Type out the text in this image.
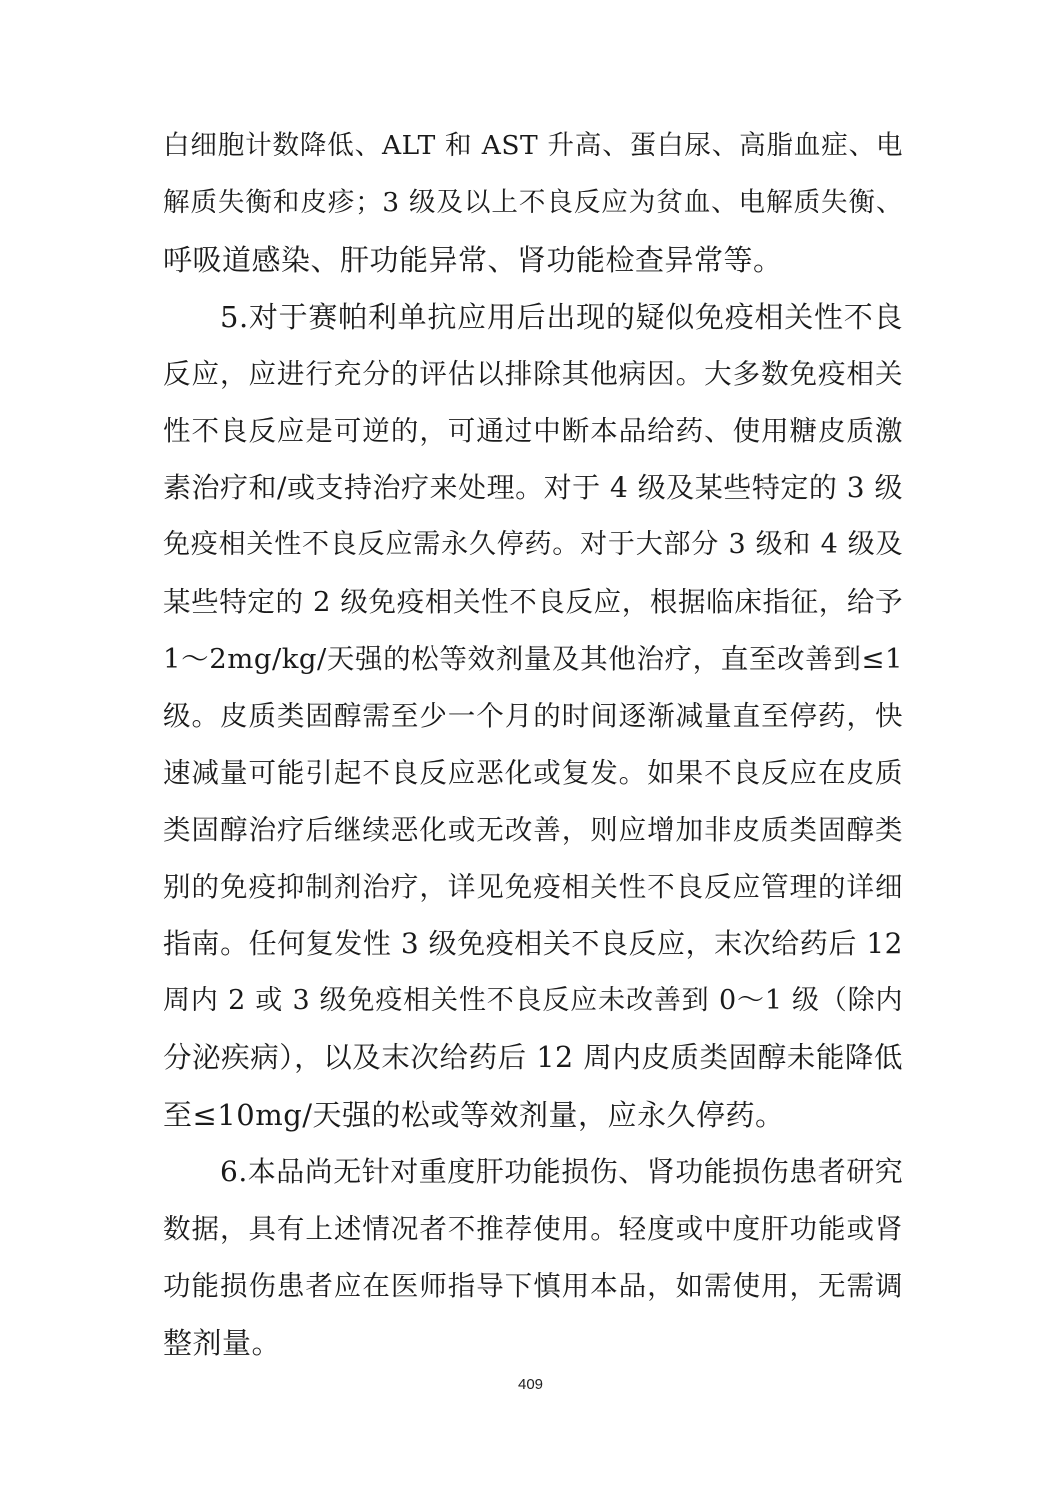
白细胞计数降低、ALT 和 AST 升高、蛋白尿、高脂血症、电
解质失衡和皮疹；3 级及以上不良反应为贫血、电解质失衡、
呼吸道感染、肝功能异常、肾功能检查异常等。
5.对于赛帕利单抗应用后出现的疑似免疫相关性不良
反应，应进行充分的评估以排除其他病因。大多数免疫相关
性不良反应是可逆的，可通过中断本品给药、使用糖皮质激
素治疗和/或支持治疗来处理。对于 4 级及某些特定的 3 级
免疫相关性不良反应需永久停药。对于大部分 3 级和 4 级及
某些特定的 2 级免疫相关性不良反应，根据临床指征，给予
1～2mg/kg/天强的松等效剂量及其他治疗，直至改善到≤1
级。皮质类固醇需至少一个月的时间逐渐减量直至停药，快
速减量可能引起不良反应恶化或复发。如果不良反应在皮质
类固醇治疗后继续恶化或无改善，则应增加非皮质类固醇类
别的免疫抑制剂治疗，详见免疫相关性不良反应管理的详细
指南。任何复发性 3 级免疫相关不良反应，末次给药后 12
周内 2 或 3 级免疫相关性不良反应未改善到 0～1 级（除内
分泌疾病），以及末次给药后 12 周内皮质类固醇未能降低
至≤10mg/天强的松或等效剂量，应永久停药。
6.本品尚无针对重度肝功能损伤、肾功能损伤患者研究
数据，具有上述情况者不推荐使用。轻度或中度肝功能或肾
功能损伤患者应在医师指导下慎用本品，如需使用，无需调
整剂量。
409
